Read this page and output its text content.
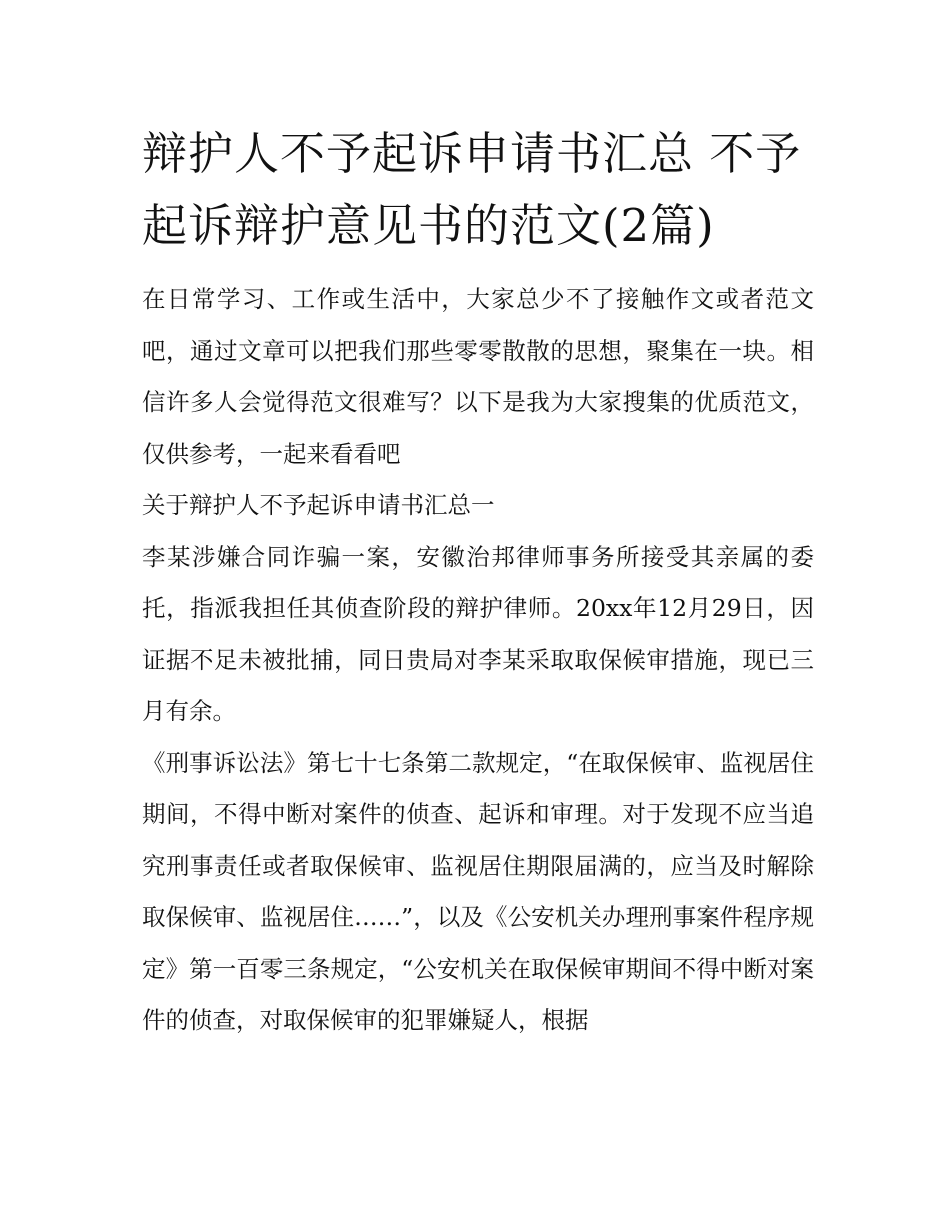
辩护人不予起诉申请书汇总 不予起诉辩护意见书的范文(2篇)

在日常学习、工作或生活中，大家总少不了接触作文或者范文吧，通过文章可以把我们那些零零散散的思想，聚集在一块。相信许多人会觉得范文很难写？以下是我为大家搜集的优质范文，仅供参考，一起来看看吧

关于辩护人不予起诉申请书汇总一

李某涉嫌合同诈骗一案，安徽治邦律师事务所接受其亲属的委托，指派我担任其侦查阶段的辩护律师。20xx年12月29日，因证据不足未被批捕，同日贵局对李某采取取保候审措施，现已三月有余。

《刑事诉讼法》第七十七条第二款规定，“在取保候审、监视居住期间，不得中断对案件的侦查、起诉和审理。对于发现不应当追究刑事责任或者取保候审、监视居住期限届满的，应当及时解除取保候审、监视居住……”，以及《公安机关办理刑事案件程序规定》第一百零三条规定，“公安机关在取保候审期间不得中断对案件的侦查，对取保候审的犯罪嫌疑人，根据
